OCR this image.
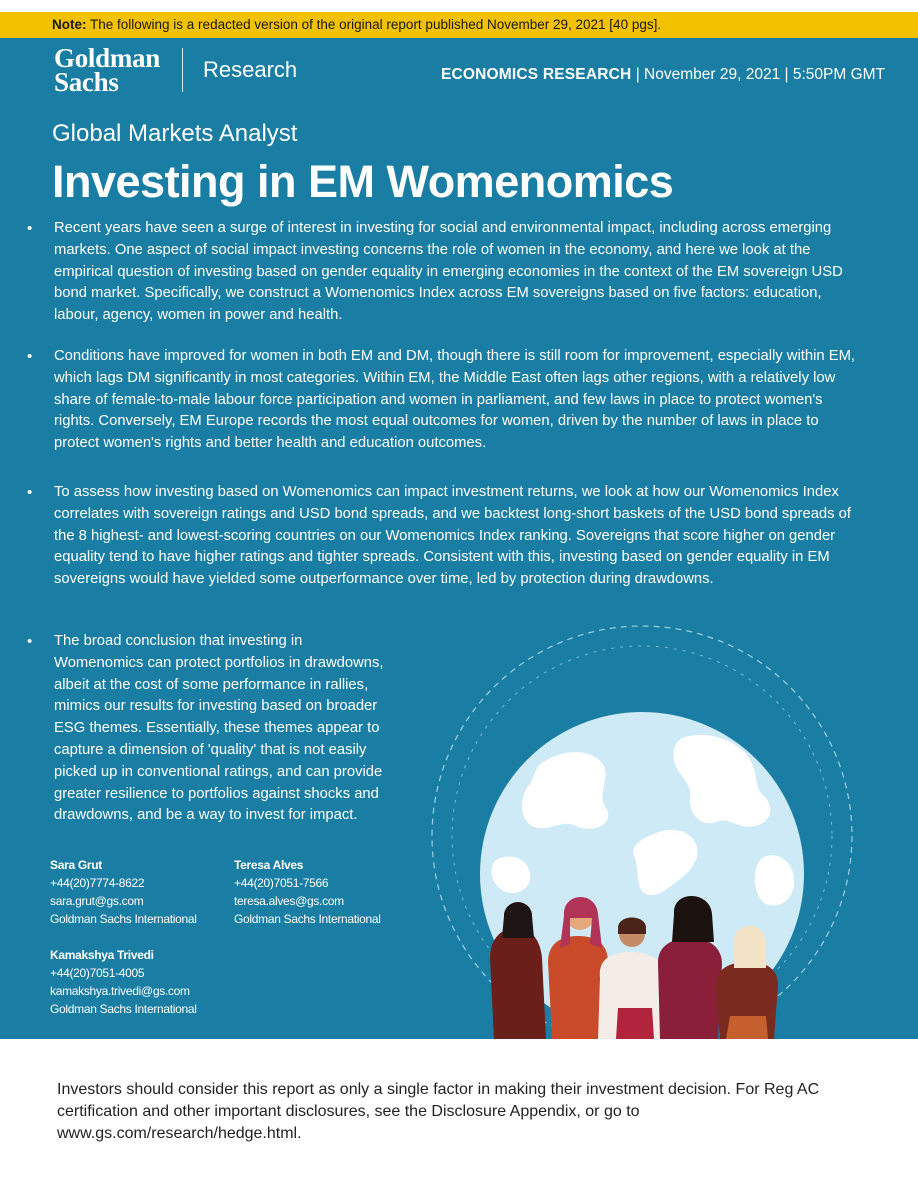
Note: The following is a redacted version of the original report published November 29, 2021 [40 pgs].
Goldman
Sachs	Research	ECONOMICS RESEARCH | November 29, 2021 | 5:50PM GMT
Global Markets Analyst
Investing in EM Womenomics
• Recent years have seen a surge of interest in investing for social and environmental impact, including across emerging markets. One aspect of social impact investing concerns the role of women in the economy, and here we look at the empirical question of investing based on gender equality in emerging economies in the context of the EM sovereign USD bond market. Specifically, we construct a Womenomics Index across EM sovereigns based on five factors: education, labour, agency, women in power and health.
• Conditions have improved for women in both EM and DM, though there is still room for improvement, especially within EM, which lags DM significantly in most categories. Within EM, the Middle East often lags other regions, with a relatively low share of female-to-male labour force participation and women in parliament, and few laws in place to protect women's rights. Conversely, EM Europe records the most equal outcomes for women, driven by the number of laws in place to protect women's rights and better health and education outcomes.
• To assess how investing based on Womenomics can impact investment returns, we look at how our Womenomics Index correlates with sovereign ratings and USD bond spreads, and we backtest long-short baskets of the USD bond spreads of the 8 highest- and lowest-scoring countries on our Womenomics Index ranking. Sovereigns that score higher on gender equality tend to have higher ratings and tighter spreads. Consistent with this, investing based on gender equality in EM sovereigns would have yielded some outperformance over time, led by protection during drawdowns.
• The broad conclusion that investing in Womenomics can protect portfolios in drawdowns, albeit at the cost of some performance in rallies, mimics our results for investing based on broader ESG themes. Essentially, these themes appear to capture a dimension of 'quality' that is not easily picked up in conventional ratings, and can provide greater resilience to portfolios against shocks and drawdowns, and be a way to invest for impact.
Sara Grut
+44(20)7774-8622
sara.grut@gs.com
Goldman Sachs International
Teresa Alves
+44(20)7051-7566
teresa.alves@gs.com
Goldman Sachs International
Kamakshya Trivedi
+44(20)7051-4005
kamakshya.trivedi@gs.com
Goldman Sachs International
Investors should consider this report as only a single factor in making their investment decision. For Reg AC certification and other important disclosures, see the Disclosure Appendix, or go to www.gs.com/research/hedge.html.
